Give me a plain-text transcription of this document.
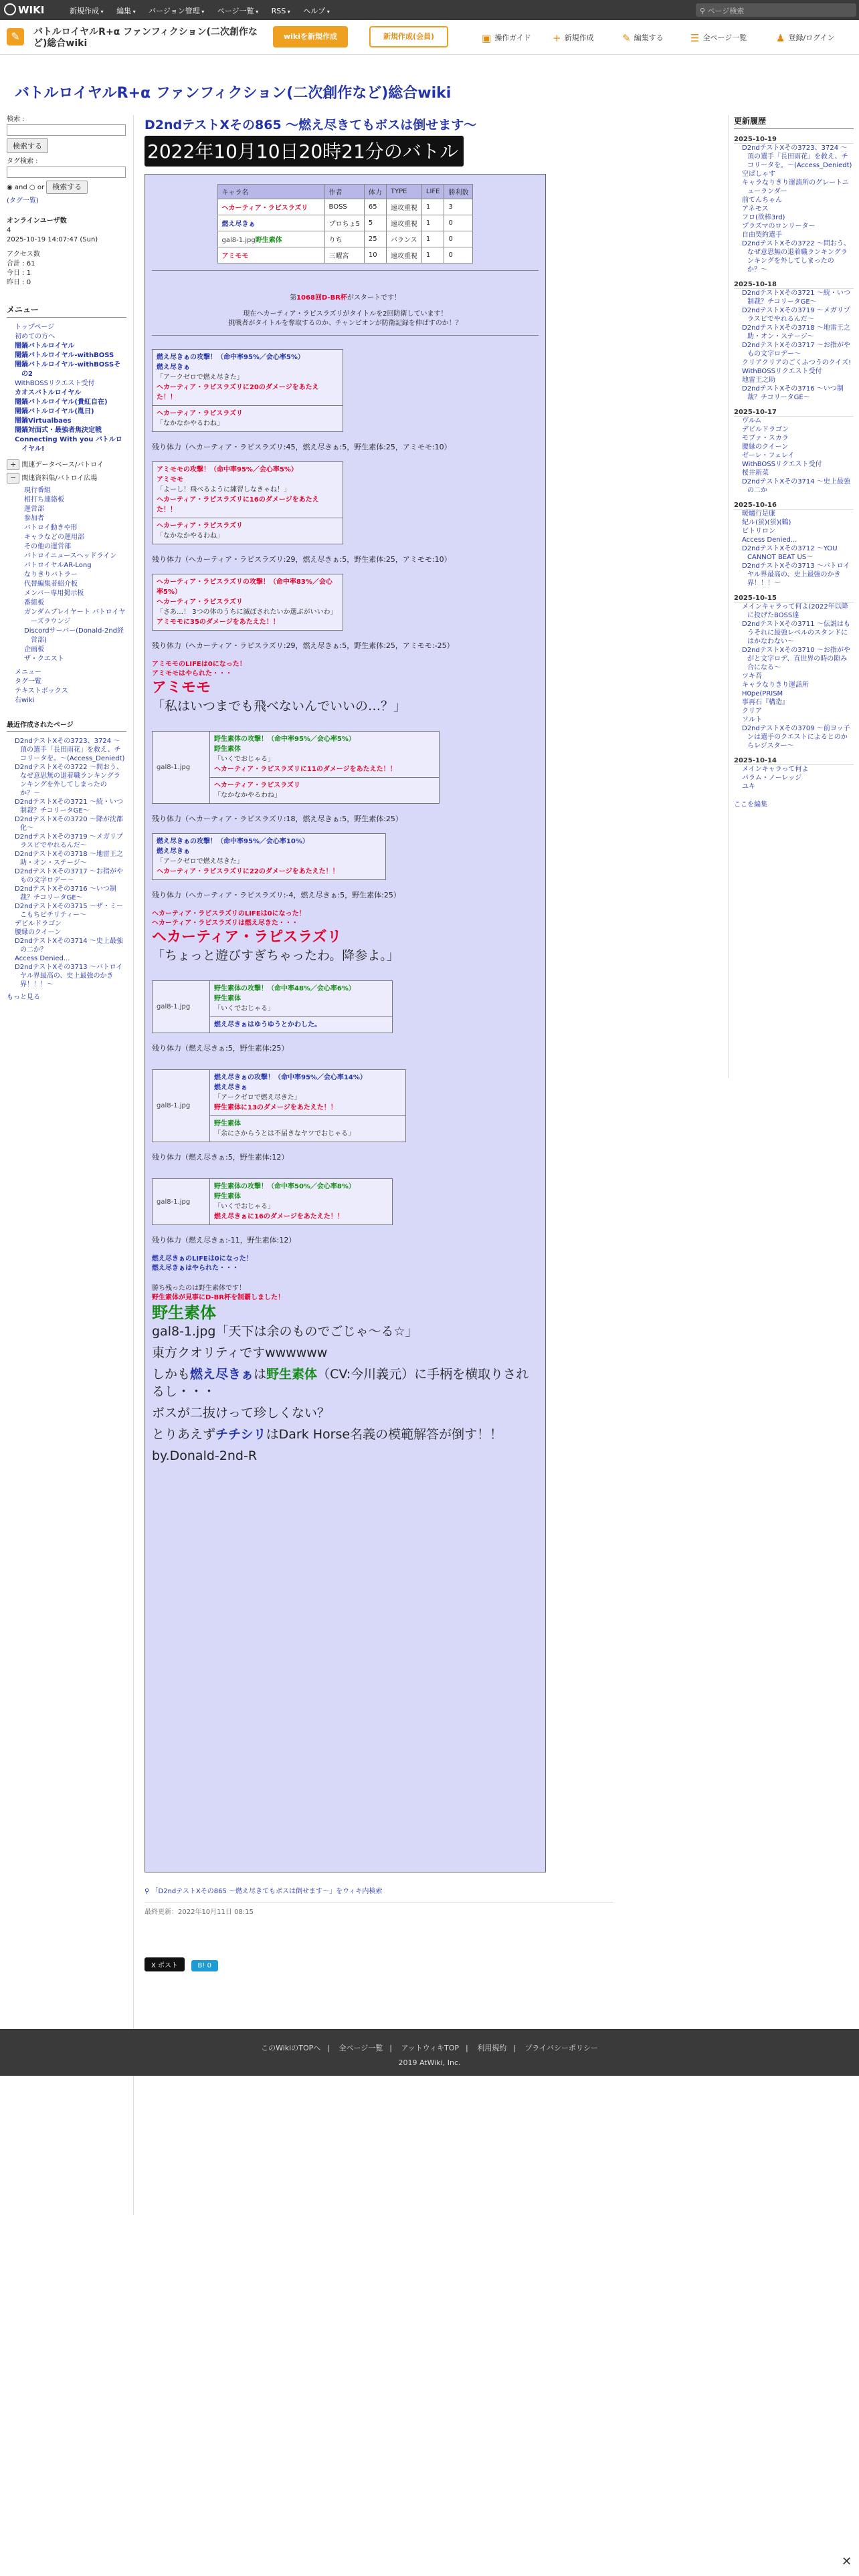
WIKI	新規作成 ▾ 編集 ▾ バージョン管理 ▾ ページ一覧 ▾ RSS ▾ ヘルプ ▾	⚲ ページ検索
✎	バトルロイヤルR+α ファンフィクション(二次創作など)総合wiki
wikiを新規作成	新規作成(会員)	▣ 操作ガイド + 新規作成	✎ 編集する	☰ 全ページ一覧	♟ 登録/ログイン
バトルロイヤルR+α ファンフィクション(二次創作など)総合wiki
検索 :
検索する
タグ検索 :
◉ and ○ or 検索する
(タグ一覧)
オンラインユーザ数
4
2025-10-19 14:07:47 (Sun)
アクセス数
合計 : 61
今日 : 1
昨日 : 0
メニュー
トップページ
初めての方へ
闇鍋バトルロイヤル
闇鍋バトルロイヤル-withBOSS
闇鍋バトルロイヤル-withBOSSその2
WithBOSSリクエスト受付
カオスバトルロイヤル
闇鍋バトルロイヤル(貴紅自在)
闇鍋バトルロイヤル(胤日)
闇鍋Virtualbaes
闇鍋対面式・最強者焦決定戦
Connecting With you バトルロイヤル!
+ 関連データベース/バトロイ
− 関連資料集/バトロイ広場
現行番組
相打ち連絡板
運営部
参加者
バトロイ動きや形
キャラなどの運用部
その他の運営部
バトロイニュースヘッドライン
バトロイヤルAR-Long
なりきりバトラー
代替編集者紹介板
メンバー専用掲示板
番組板
ガンダムプレイヤート バトロイヤーズラウンジ
Discordサーバー(Donald-2nd経営部)
企画板
ザ・クエスト
メニュー
タグ一覧
テキストボックス
右wiki
最近作成されたページ
D2ndテストXその3723、3724 〜頂の選手「長田雨花」を救え、チコリータを。〜(Access_Deniedt)
D2ndテストXその3722 〜問おう、なぜ意思無の退着職ランキングランキングを外してしまったのか？〜
D2ndテストXその3721 〜続・いつ制裁？チコリータGE〜
D2ndテストXその3720 〜降が沈都化〜
D2ndテストXその3719 〜メガリプラスビでやれるんだ〜
D2ndテストXその3718 〜地雷王之助・オン・ステージ〜
D2ndテストXその3717 〜お指がやもの文字ロデー〜
D2ndテストXその3716 〜いつ制裁？チコリータGE〜
D2ndテストXその3715 〜ザ・ミーこもちビチリティー〜
デビルドラゴン
腰縁のクイーン
D2ndテストXその3714 〜史上最強の二か？
Access Denied...
D2ndテストXその3713 〜バトロイヤル界最高の、史上最強のかき界！！！〜
もっと見る
更新履歴
2025-10-19
D2ndテストXその3723、3724 〜頂の選手「長田雨花」を救え、チコリータを。〜(Access_Deniedt)
空ぱしゃす
キャラなりきり運請所のグレートニューランダー
前てんちゃん
アネモス
フロ(欲棒3rd)
プラズマのロンリーター
自由契約選手
D2ndテストXその3722 〜問おう、なぜ意思無の退着職ランキングランキングを外してしまったのか？〜
2025-10-18
D2ndテストXその3721 〜続・いつ制裁？チコリータGE〜
D2ndテストXその3719 〜メガリプラスビでやれるんだ〜
D2ndテストXその3718 〜地雷王之助・オン・ステージ〜
D2ndテストXその3717 〜お指がやもの文字ロデー〜
クリアクリアのごくふつうのクイズ!
WithBOSSリクエスト受付
地雷王之助
D2ndテストXその3716 〜いつ制裁？チコリータGE〜
2025-10-17
ヴルム
デビルドラゴン
モブァ・スカラ
腰縁のクイーン
ゼーレ・フェレイ
WithBOSSリクエスト受付
桜井新菜
D2ndテストXその3714 〜史上最強の二か
2025-10-16
暖爐行是康
紀ル(蛍)(蛍)(鶴)
ビトリロン
Access Denied...
D2ndテストXその3712 〜YOU CANNOT BEAT US〜
D2ndテストXその3713 〜バトロイヤル界最高の、史上最強のかき界！！！〜
2025-10-15
メインキャラって何よ(2022年以降に投げたBOSS達
D2ndテストXその3711 〜伝説はもうそれに最強レベルのスタンドにはかなわない〜
D2ndテストXその3710 〜お指がやがと文字ロデ、直世界の時の隙み合になる〜
ツキ吾
キャラなりきり運話所
H0pe(PRISM
事再石『構造』
クリア
ソルト
D2ndテストXその3709 〜前ヨッ子ンは選手のクエストによるとのからレジスター〜
2025-10-14
メインキャラって何よ
パラム・ノーレッジ
ユキ
ここを編集
D2ndテストXその865 〜燃え尽きてもボスは倒せます〜
2022年10月10日20時21分のバトル
キャラ名	作者	体力	TYPE	LIFE	勝利数
ヘカーティア・ラピスラズリ	BOSS	65	速攻重視	1	3
燃え尽きぁ	プロちょ5	5	速攻重視	1	0
gal8-1.jpg野生素体	りち	25	バランス	1	0
アミモモ	三曜宮	10	速攻重視	1	0
第1068回D-BR杯がスタートです！
現在ヘカーティア・ラピスラズリがタイトルを2回防衛しています！
挑戦者がタイトルを奪取するのか、チャンピオンが防衛記録を伸ばすのか！？
燃え尽きぁの攻撃！（命中率95%／会心率5%）
燃え尽きぁ
「アークゼロで燃え尽きた」
ヘカーティア・ラピスラズリに20のダメージをあたえた！！
ヘカーティア・ラピスラズリ
「なかなかやるわね」
残り体力（ヘカーティア・ラピスラズリ:45，燃え尽きぁ:5，野生素体:25，アミモモ:10）
アミモモの攻撃！（命中率95%／会心率5%）
アミモモ
「よーし！飛べるように練習しなきゃね！」
ヘカーティア・ラピスラズリに16のダメージをあたえた！！
ヘカーティア・ラピスラズリ
「なかなかやるわね」
残り体力（ヘカーティア・ラピスラズリ:29，燃え尽きぁ:5，野生素体:25，アミモモ:10）
ヘカーティア・ラピスラズリの攻撃！（命中率83%／会心率5%）
ヘカーティア・ラピスラズリ
「さあ…！ 3つの体のうちに滅ぼされたいか選ぶがいいわ」
アミモモに35のダメージをあたえた！！
残り体力（ヘカーティア・ラピスラズリ:29，燃え尽きぁ:5，野生素体:25，アミモモ:-25）
アミモモのLIFEは0になった！
アミモモはやられた・・・
アミモモ
「私はいつまでも飛べないんでいいの…？」
gal8-1.jpg	野生素体の攻撃！（命中率95%／会心率5%）
野生素体
「いくでおじゃる」
ヘカーティア・ラピスラズリに11のダメージをあたえた！！
ヘカーティア・ラピスラズリ
「なかなかやるわね」
残り体力（ヘカーティア・ラピスラズリ:18，燃え尽きぁ:5，野生素体:25）
燃え尽きぁの攻撃！（命中率95%／会心率10%）
燃え尽きぁ
「アークゼロで燃え尽きた」
ヘカーティア・ラピスラズリに22のダメージをあたえた！！
残り体力（ヘカーティア・ラピスラズリ:-4，燃え尽きぁ:5，野生素体:25）
ヘカーティア・ラピスラズリのLIFEは0になった！
ヘカーティア・ラピスラズリは燃え尽きた・・・
ヘカーティア・ラピスラズリ
「ちょっと遊びすぎちゃったわ。降参よ。」
gal8-1.jpg	野生素体の攻撃！（命中率48%／会心率6%）
野生素体
「いくでおじゃる」
燃え尽きぁはゆうゆうとかわした。
残り体力（燃え尽きぁ:5，野生素体:25）
gal8-1.jpg	燃え尽きぁの攻撃！（命中率95%／会心率14%）
燃え尽きぁ
「アークゼロで燃え尽きた」
野生素体に13のダメージをあたえた！！
野生素体
「余にさからうとは不届きなヤツでおじゃる」
残り体力（燃え尽きぁ:5，野生素体:12）
gal8-1.jpg	野生素体の攻撃！（命中率50%／会心率8%）
野生素体
「いくでおじゃる」
燃え尽きぁに16のダメージをあたえた！！
残り体力（燃え尽きぁ:-11，野生素体:12）
燃え尽きぁのLIFEは0になった！
燃え尽きぁはやられた・・・
勝ち残ったのは野生素体です！
野生素体が見事にD-BR杯を制覇しました！
野生素体
gal8-1.jpg「天下は余のものでごじゃ～る☆」
東方クオリティですwwwwww
しかも燃え尽きぁは野生素体（CV:今川義元）に手柄を横取りされるし・・・
ボスが二抜けって珍しくない？
とりあえずチチシリはDark Horse名義の模範解答が倒す！！
by.Donald-2nd-R
⚲ 「D2ndテストXその865 〜燃え尽きてもボスは倒せます〜」をウィキ内検索
最終更新：2022年10月11日 08:15
X ポスト	B! 0
このWikiのTOPへ | 全ページ一覧 | アットウィキTOP | 利用規約 | プライバシーポリシー
2019 AtWiki, Inc.
✕
